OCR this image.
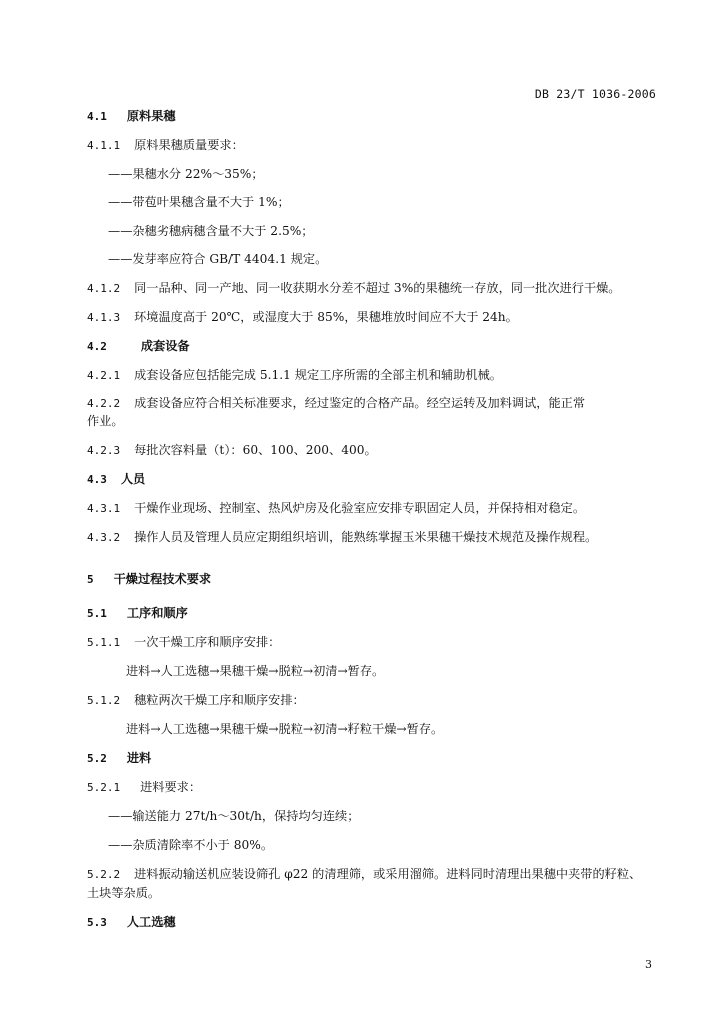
DB 23/T 1036-2006
4.1 原料果穗
4.1.1 原料果穗质量要求：
——果穗水分 22%～35%；
——带苞叶果穗含量不大于 1%；
——杂穗劣穗病穗含量不大于 2.5%；
——发芽率应符合 GB/T 4404.1 规定。
4.1.2 同一品种、同一产地、同一收获期水分差不超过 3%的果穗统一存放，同一批次进行干燥。
4.1.3 环境温度高于 20℃，或湿度大于 85%，果穗堆放时间应不大于 24h。
4.2	成套设备
4.2.1 成套设备应包括能完成 5.1.1 规定工序所需的全部主机和辅助机械。
4.2.2 成套设备应符合相关标准要求，经过鉴定的合格产品。经空运转及加料调试，能正常
作业。
4.2.3 每批次容料量（t）：60、100、200、400。
4.3 人员
4.3.1 干燥作业现场、控制室、热风炉房及化验室应安排专职固定人员，并保持相对稳定。
4.3.2 操作人员及管理人员应定期组织培训，能熟练掌握玉米果穗干燥技术规范及操作规程。
5 干燥过程技术要求
5.1 工序和顺序
5.1.1 一次干燥工序和顺序安排：
进料→人工选穗→果穗干燥→脱粒→初清→暂存。
5.1.2 穗粒两次干燥工序和顺序安排：
进料→人工选穗→果穗干燥→脱粒→初清→籽粒干燥→暂存。
5.2 进料
5.2.1 进料要求：
——输送能力 27t/h～30t/h，保持均匀连续；
——杂质清除率不小于 80%。
5.2.2 进料振动输送机应装设筛孔 φ22 的清理筛，或采用溜筛。进料同时清理出果穗中夹带的籽粒、
土块等杂质。
5.3 人工选穗
3
